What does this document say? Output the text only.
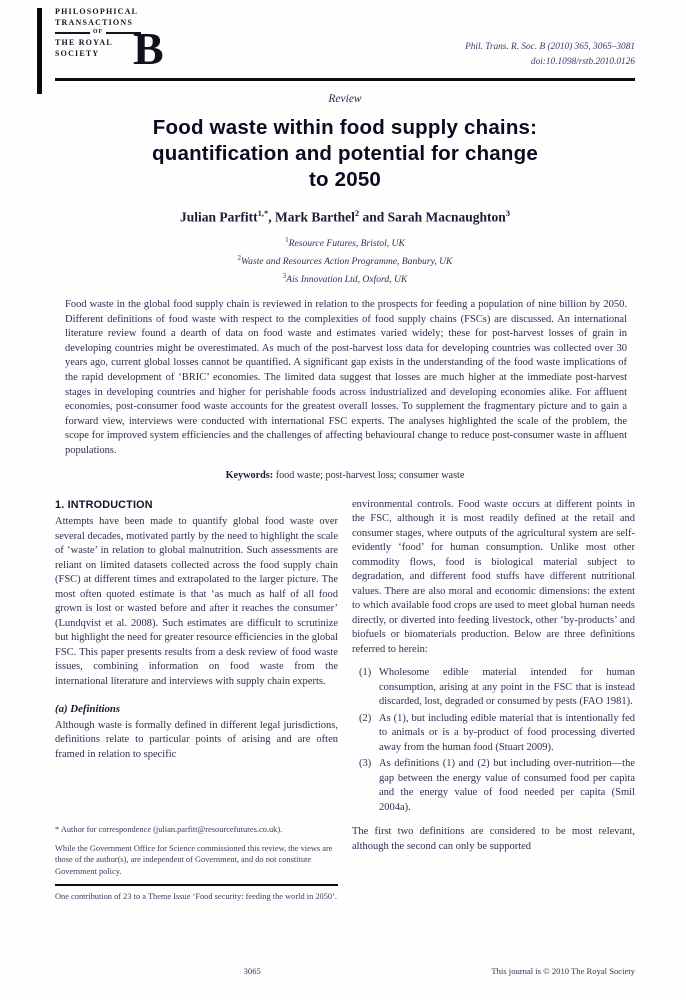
PHILOSOPHICAL
TRANSACTIONS
OF
THE ROYAL
SOCIETY B	Phil. Trans. R. Soc. B (2010) 365, 3065–3081
doi:10.1098/rstb.2010.0126
Review
Food waste within food supply chains:
quantification and potential for change
to 2050
Julian Parfitt$^{1,*}$, Mark Barthel$^2$ and Sarah Macnaughton$^3$
$^1$Resource Futures, Bristol, UK
$^2$Waste and Resources Action Programme, Banbury, UK
$^3$Ais Innovation Ltd, Oxford, UK
Food waste in the global food supply chain is reviewed in relation to the prospects for feeding a population of nine billion by 2050. Different definitions of food waste with respect to the complexities of food supply chains (FSCs) are discussed. An international literature review found a dearth of data on food waste and estimates varied widely; these for post-harvest losses of grain in developing countries might be overestimated. As much of the post-harvest loss data for developing countries was collected over 30 years ago, current global losses cannot be quantified. A significant gap exists in the understanding of the food waste implications of the rapid development of ‘BRIC’ economies. The limited data suggest that losses are much higher at the immediate post-harvest stages in developing countries and higher for perishable foods across industrialized and developing economies alike. For affluent economies, post-consumer food waste accounts for the greatest overall losses. To supplement the fragmentary picture and to gain a forward view, interviews were conducted with international FSC experts. The analyses highlighted the scale of the problem, the scope for improved system efficiencies and the challenges of affecting behavioural change to reduce post-consumer waste in affluent populations.
Keywords: food waste; post-harvest loss; consumer waste
1. INTRODUCTION
Attempts have been made to quantify global food waste over several decades, motivated partly by the need to highlight the scale of ‘waste’ in relation to global malnutrition. Such assessments are reliant on limited datasets collected across the food supply chain (FSC) at different times and extrapolated to the larger picture. The most often quoted estimate is that ‘as much as half of all food grown is lost or wasted before and after it reaches the consumer’ (Lundqvist et al. 2008). Such estimates are difficult to scrutinize but highlight the need for greater resource efficiencies in the global FSC. This paper presents results from a desk review of food waste issues, combining information on food waste from the international literature and interviews with supply chain experts.
(a) Definitions
Although waste is formally defined in different legal jurisdictions, definitions relate to particular points of arising and are often framed in relation to specific
* Author for correspondence (julian.parfitt@resourcefutures.co.uk).
While the Government Office for Science commissioned this review, the views are those of the author(s), are independent of Government, and do not constitute Government policy.
One contribution of 23 to a Theme Issue ‘Food security: feeding the world in 2050’.
environmental controls. Food waste occurs at different points in the FSC, although it is most readily defined at the retail and consumer stages, where outputs of the agricultural system are self-evidently ‘food’ for human consumption. Unlike most other commodity flows, food is biological material subject to degradation, and different food stuffs have different nutritional values. There are also moral and economic dimensions: the extent to which available food crops are used to meet global human needs directly, or diverted into feeding livestock, other ‘by-products’ and biofuels or biomaterials production. Below are three definitions referred to herein:
(1) Wholesome edible material intended for human consumption, arising at any point in the FSC that is instead discarded, lost, degraded or consumed by pests (FAO 1981).
(2) As (1), but including edible material that is intentionally fed to animals or is a by-product of food processing diverted away from the human food (Stuart 2009).
(3) As definitions (1) and (2) but including over-nutrition—the gap between the energy value of consumed food per capita and the energy value of food needed per capita (Smil 2004a).
The first two definitions are considered to be most relevant, although the second can only be supported
3065	This journal is © 2010 The Royal Society
